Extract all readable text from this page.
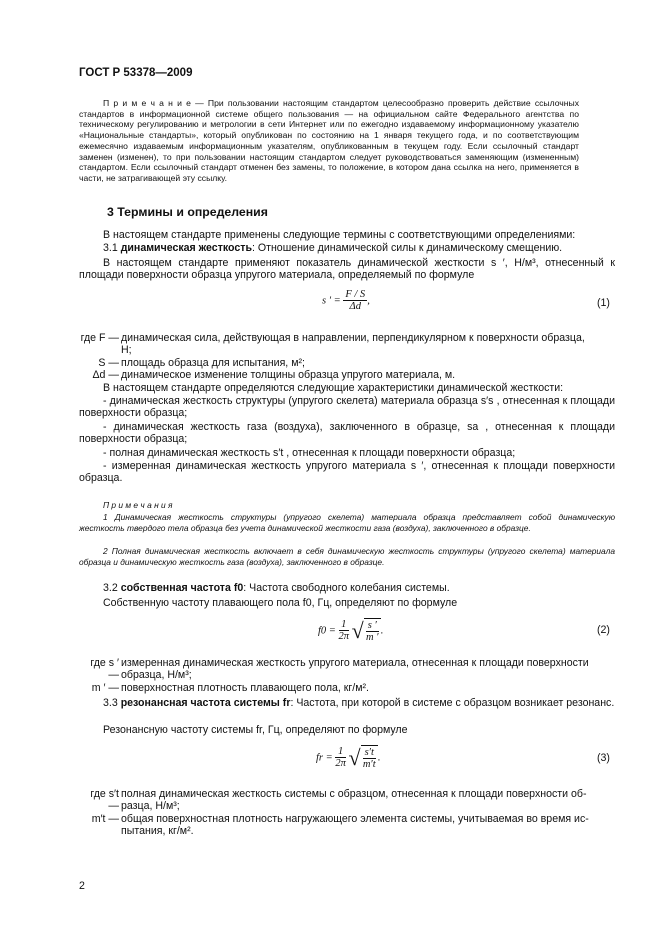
ГОСТ Р 53378—2009

П р и м е ч а н и е — При пользовании настоящим стандартом целесообразно проверить действие ссылочных стандартов в информационной системе общего пользования — на официальном сайте Федерального агентства по техническому регулированию и метрологии в сети Интернет или по ежегодно издаваемому информационному указателю «Национальные стандарты», который опубликован по состоянию на 1 января текущего года, и по соответствующим ежемесячно издаваемым информационным указателям, опубликованным в текущем году. Если ссылочный стандарт заменен (изменен), то при пользовании настоящим стандартом следует руководствоваться заменяющим (измененным) стандартом. Если ссылочный стандарт отменен без замены, то положение, в котором дана ссылка на него, применяется в части, не затрагивающей эту ссылку.

3 Термины и определения

В настоящем стандарте применены следующие термины с соответствующими определениями:

3.1 динамическая жесткость: Отношение динамической силы к динамическому смещению.

В настоящем стандарте применяют показатель динамической жесткости s ′, Н/м³, отнесенный к площади поверхности образца упругого материала, определяемый по формуле

s ′ = $\frac{F / S}{\Delta d}$ ,	(1)
где F — динамическая сила, действующая в направлении, перпендикулярном к поверхности образца,
Н;
S — площадь образца для испытания, м²;
Δd — динамическое изменение толщины образца упругого материала, м.

В настоящем стандарте определяются следующие характеристики динамической жесткости:

- динамическая жесткость структуры (упругого скелета) материала образца s′s , отнесенная к площади поверхности образца;

- динамическая жесткость газа (воздуха), заключенного в образце, sa , отнесенная к площади поверхности образца;

- полная динамическая жесткость s′t , отнесенная к площади поверхности образца;

- измеренная динамическая жесткость упругого материала s ′, отнесенная к площади поверхности образца.

П р и м е ч а н и я

1 Динамическая жесткость структуры (упругого скелета) материала образца представляет собой динамическую жесткость твердого тела образца без учета динамической жесткости газа (воздуха), заключенного в образце.

2 Полная динамическая жесткость включает в себя динамическую жесткость структуры (упругого скелета) материала образца и динамическую жесткость газа (воздуха), заключенного в образце.

3.2 собственная частота f0: Частота свободного колебания системы.

Собственную частоту плавающего пола f0, Гц, определяют по формуле

$f0 = \frac{1}{2\pi}$ √ $\frac{s '}{m '}$ .	(2)
где s ′ —
измеренная динамическая жесткость упругого материала, отнесенная к площади поверхности
образца, Н/м³;
m ′ — поверхностная плотность плавающего пола, кг/м².

3.3 резонансная частота системы fr: Частота, при которой в системе с образцом возникает резонанс.

Резонансную частоту системы fr, Гц, определяют по формуле

fr = $\frac{1}{2\pi}$ √ $\frac{s't}{m't}$ .	(3)
где s′t —
полная динамическая жесткость системы с образцом, отнесенная к площади поверхности об-
разца, Н/м³;
m′t — общая поверхностная плотность нагружающего элемента системы, учитываемая во время ис-
пытания, кг/м².
2
